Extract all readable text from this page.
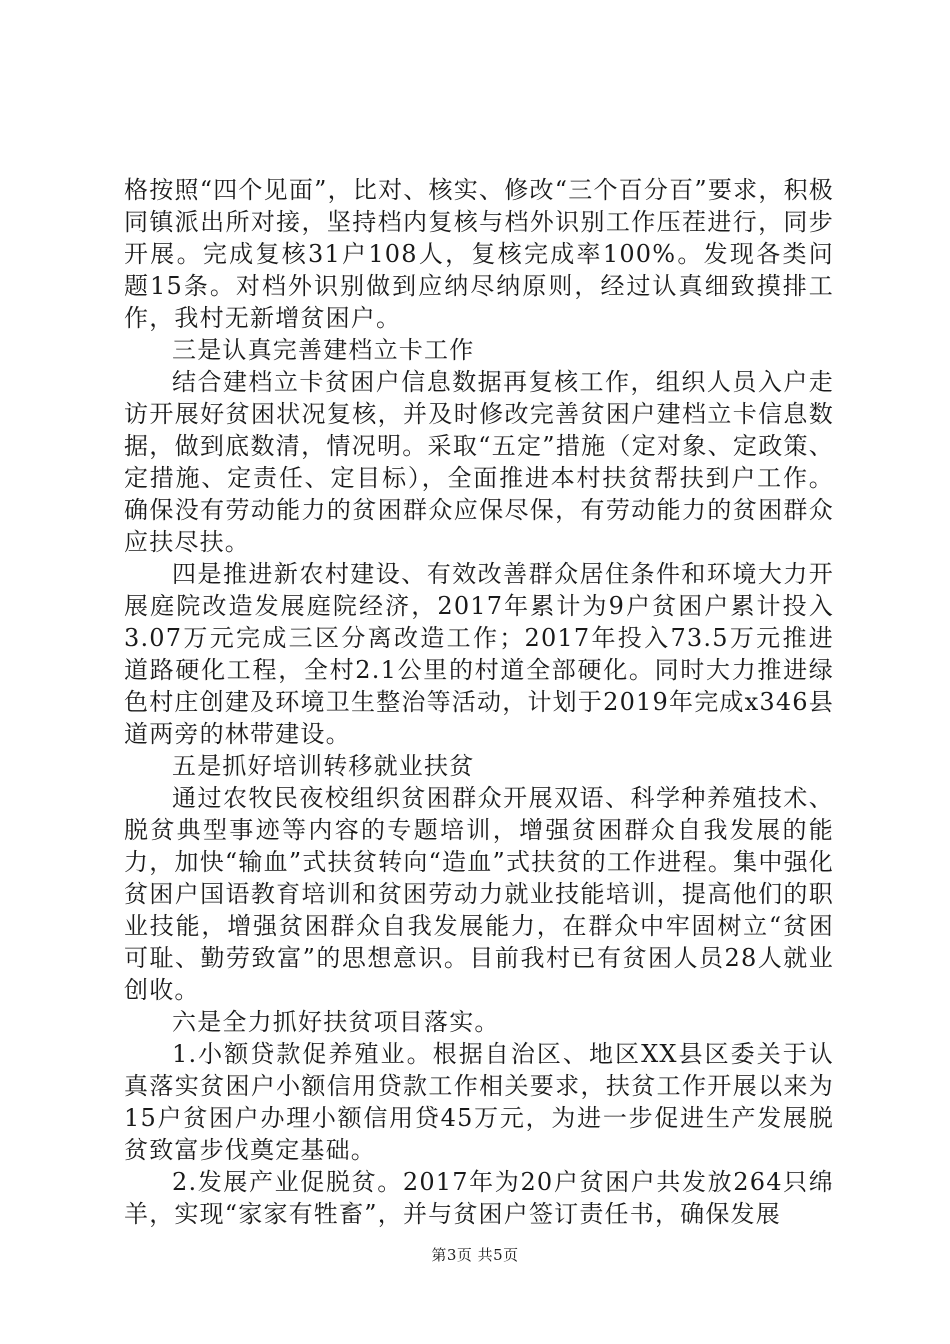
格按照“四个见面”，比对、核实、修改“三个百分百”要求，积极同镇派出所对接，坚持档内复核与档外识别工作压茬进行，同步开展。完成复核31户108人，复核完成率100%。发现各类问题15条。对档外识别做到应纳尽纳原则，经过认真细致摸排工作，我村无新增贫困户。

三是认真完善建档立卡工作

结合建档立卡贫困户信息数据再复核工作，组织人员入户走访开展好贫困状况复核，并及时修改完善贫困户建档立卡信息数据，做到底数清，情况明。采取“五定”措施（定对象、定政策、定措施、定责任、定目标），全面推进本村扶贫帮扶到户工作。确保没有劳动能力的贫困群众应保尽保，有劳动能力的贫困群众应扶尽扶。

四是推进新农村建设、有效改善群众居住条件和环境大力开展庭院改造发展庭院经济，2017年累计为9户贫困户累计投入3.07万元完成三区分离改造工作；2017年投入73.5万元推进道路硬化工程，全村2.1公里的村道全部硬化。同时大力推进绿色村庄创建及环境卫生整治等活动，计划于2019年完成x346县道两旁的林带建设。

五是抓好培训转移就业扶贫

通过农牧民夜校组织贫困群众开展双语、科学种养殖技术、脱贫典型事迹等内容的专题培训，增强贫困群众自我发展的能力，加快“输血”式扶贫转向“造血”式扶贫的工作进程。集中强化贫困户国语教育培训和贫困劳动力就业技能培训，提高他们的职业技能，增强贫困群众自我发展能力，在群众中牢固树立“贫困可耻、勤劳致富”的思想意识。目前我村已有贫困人员28人就业创收。

六是全力抓好扶贫项目落实。

1.小额贷款促养殖业。根据自治区、地区XX县区委关于认真落实贫困户小额信用贷款工作相关要求，扶贫工作开展以来为15户贫困户办理小额信用贷45万元，为进一步促进生产发展脱贫致富步伐奠定基础。

2.发展产业促脱贫。2017年为20户贫困户共发放264只绵羊，实现“家家有牲畜”，并与贫困户签订责任书，确保发展

第3页 共5页
